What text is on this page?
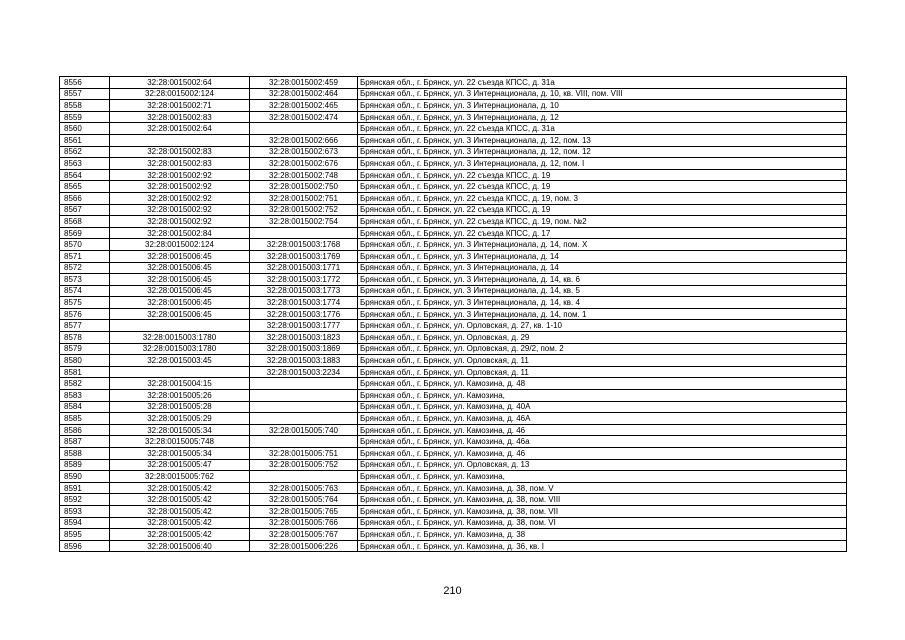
8556	32:28:0015002:64	32:28:0015002:459	Брянская обл., г. Брянск, ул. 22 съезда КПСС, д. 31а
8557	32:28:0015002:124	32:28:0015002:464	Брянская обл., г. Брянск, ул. 3 Интернационала, д. 10, кв. VIII, пом. VIII
8558	32:28:0015002:71	32:28:0015002:465	Брянская обл., г. Брянск, ул. 3 Интернационала, д. 10
8559	32:28:0015002:83	32:28:0015002:474	Брянская обл., г. Брянск, ул. 3 Интернационала, д. 12
8560	32:28:0015002:64		Брянская обл., г. Брянск, ул. 22 съезда КПСС, д. 31а
8561		32:28:0015002:666	Брянская обл., г. Брянск, ул. 3 Интернационала, д. 12, пом. 13
8562	32:28:0015002:83	32:28:0015002:673	Брянская обл., г. Брянск, ул. 3 Интернационала, д. 12, пом. 12
8563	32:28:0015002:83	32:28:0015002:676	Брянская обл., г. Брянск, ул. 3 Интернационала, д. 12, пом. I
8564	32:28:0015002:92	32:28:0015002:748	Брянская обл., г. Брянск, ул. 22 съезда КПСС, д. 19
8565	32:28:0015002:92	32:28:0015002:750	Брянская обл., г. Брянск, ул. 22 съезда КПСС, д. 19
8566	32:28:0015002:92	32:28:0015002:751	Брянская обл., г. Брянск, ул. 22 съезда КПСС, д. 19, пом. 3
8567	32:28:0015002:92	32:28:0015002:752	Брянская обл., г. Брянск, ул. 22 съезда КПСС, д. 19
8568	32:28:0015002:92	32:28:0015002:754	Брянская обл., г. Брянск, ул. 22 съезда КПСС, д. 19, пом. №2
8569	32:28:0015002:84		Брянская обл., г. Брянск, ул. 22 съезда КПСС, д. 17
8570	32:28:0015002:124	32:28:0015003:1768	Брянская обл., г. Брянск, ул. 3 Интернационала, д. 14, пом. X
8571	32:28:0015006:45	32:28:0015003:1769	Брянская обл., г. Брянск, ул. 3 Интернационала, д. 14
8572	32:28:0015006:45	32:28:0015003:1771	Брянская обл., г. Брянск, ул. 3 Интернационала, д. 14
8573	32:28:0015006:45	32:28:0015003:1772	Брянская обл., г. Брянск, ул. 3 Интернационала, д. 14, кв. 6
8574	32:28:0015006:45	32:28:0015003:1773	Брянская обл., г. Брянск, ул. 3 Интернационала, д. 14, кв. 5
8575	32:28:0015006:45	32:28:0015003:1774	Брянская обл., г. Брянск, ул. 3 Интернационала, д. 14, кв. 4
8576	32:28:0015006:45	32:28:0015003:1776	Брянская обл., г. Брянск, ул. 3 Интернационала, д. 14, пом. 1
8577		32:28:0015003:1777	Брянская обл., г. Брянск, ул. Орловская, д. 27, кв. 1-10
8578	32:28:0015003:1780	32:28:0015003:1823	Брянская обл., г. Брянск, ул. Орловская, д. 29
8579	32:28:0015003:1780	32:28:0015003:1869	Брянская обл., г. Брянск, ул. Орловская, д. 29/2, пом. 2
8580	32:28:0015003:45	32:28:0015003:1883	Брянская обл., г. Брянск, ул. Орловская, д. 11
8581		32:28:0015003:2234	Брянская обл., г. Брянск, ул. Орловская, д. 11
8582	32:28:0015004:15		Брянская обл., г. Брянск, ул. Камозина, д. 48
8583	32:28:0015005:26		Брянская обл., г. Брянск, ул. Камозина,
8584	32:28:0015005:28		Брянская обл., г. Брянск, ул. Камозина, д. 40А
8585	32:28:0015005:29		Брянская обл., г. Брянск, ул. Камозина, д. 46А
8586	32:28:0015005:34	32:28:0015005:740	Брянская обл., г. Брянск, ул. Камозина, д. 46
8587	32:28:0015005:748		Брянская обл., г. Брянск, ул. Камозина, д. 46а
8588	32:28:0015005:34	32:28:0015005:751	Брянская обл., г. Брянск, ул. Камозина, д. 46
8589	32:28:0015005:47	32:28:0015005:752	Брянская обл., г. Брянск, ул. Орловская, д. 13
8590	32:28:0015005:762		Брянская обл., г. Брянск, ул. Камозина,
8591	32:28:0015005:42	32:28:0015005:763	Брянская обл., г. Брянск, ул. Камозина, д. 38, пом. V
8592	32:28:0015005:42	32:28:0015005:764	Брянская обл., г. Брянск, ул. Камозина, д. 38, пом. VIII
8593	32:28:0015005:42	32:28:0015005:765	Брянская обл., г. Брянск, ул. Камозина, д. 38, пом. VII
8594	32:28:0015005:42	32:28:0015005:766	Брянская обл., г. Брянск, ул. Камозина, д. 38, пом. VI
8595	32:28:0015005:42	32:28:0015005:767	Брянская обл., г. Брянск, ул. Камозина, д. 38
8596	32:28:0015006:40	32:28:0015006:226	Брянская обл., г. Брянск, ул. Камозина, д. 36, кв. I
210
